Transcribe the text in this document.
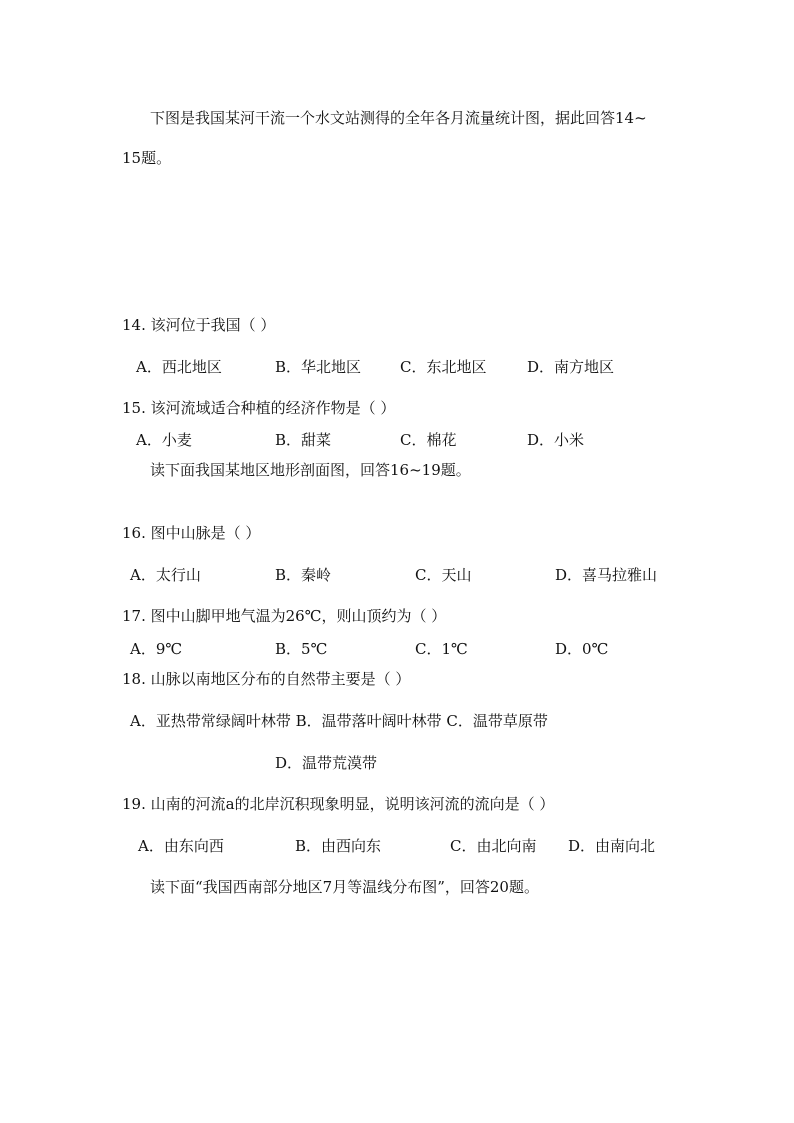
下图是我国某河干流一个水文站测得的全年各月流量统计图，据此回答14~
15题。
14. 该河位于我国（ ）
A．西北地区	B．华北地区	C．东北地区	D．南方地区
15. 该河流域适合种植的经济作物是（ ）
A．小麦	B．甜菜	C．棉花	D．小米
读下面我国某地区地形剖面图，回答16~19题。
16. 图中山脉是（ ）
A．太行山	B．秦岭	C．天山	D．喜马拉雅山
17. 图中山脚甲地气温为26℃，则山顶约为（ ）
A．9℃	B．5℃	C．1℃	D．0℃
18. 山脉以南地区分布的自然带主要是（ ）
A．亚热带常绿阔叶林带 B．温带落叶阔叶林带 C．温带草原带
D．温带荒漠带
19. 山南的河流a的北岸沉积现象明显，说明该河流的流向是（ ）
A．由东向西	B．由西向东	C．由北向南 D．由南向北
读下面“我国西南部分地区7月等温线分布图”，回答20题。
